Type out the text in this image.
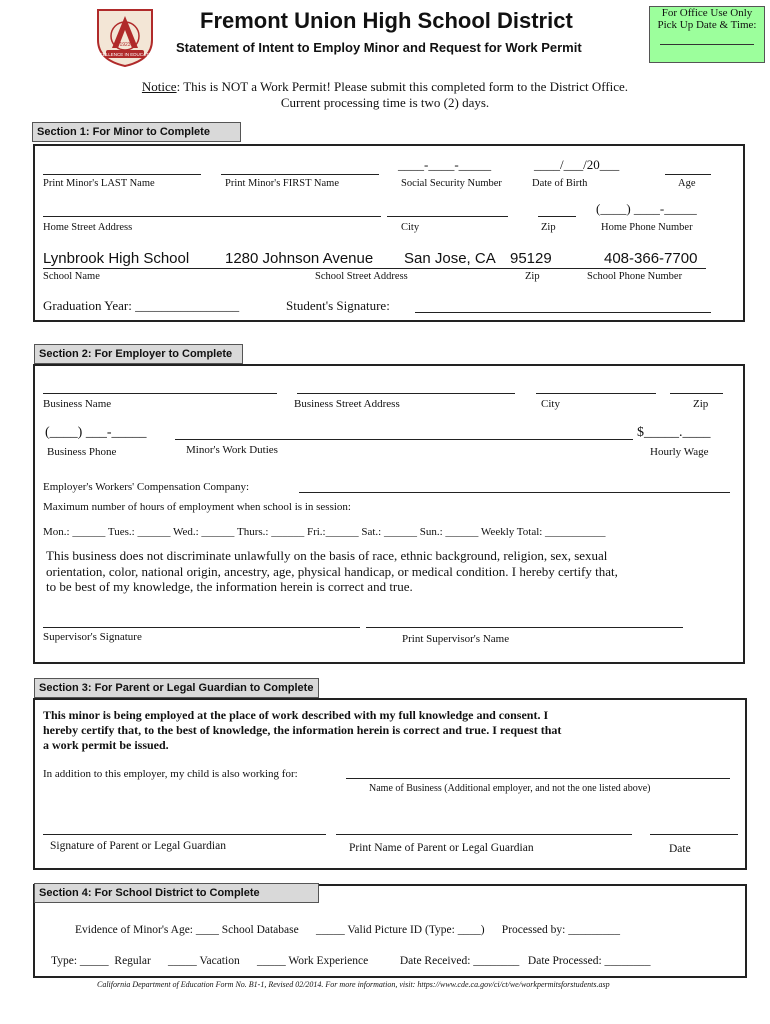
EXCELLENCE IN EDUCATION
1923
Fremont Union High School District
Statement of Intent to Employ Minor and Request for Work Permit
For Office Use Only
Pick Up Date & Time:
Notice: This is NOT a Work Permit! Please submit this completed form to the District Office.
Current processing time is two (2) days.
Section 1: For Minor to Complete
____-____-_____	____/___/20___
Print Minor's LAST Name	Print Minor's FIRST Name	Social Security Number	Date of Birth	Age
(____) ____-_____
Home Street Address	City	Zip	Home Phone Number
Lynbrook High School 1280 Johnson Avenue San Jose, CA 95129	408-366-7700
School Name	School Street Address	Zip	School Phone Number
Graduation Year: ________________	Student's Signature:
Section 2: For Employer to Complete
Business Name	Business Street Address	City	Zip
(____) ___-_____	$_____.____
Business Phone	Minor's Work Duties	Hourly Wage
Employer's Workers' Compensation Company:
Maximum number of hours of employment when school is in session:
Mon.: ______ Tues.: ______ Wed.: ______ Thurs.: ______ Fri.:______ Sat.: ______ Sun.: ______ Weekly Total: ___________
This business does not discriminate unlawfully on the basis of race, ethnic background, religion, sex, sexual
orientation, color, national origin, ancestry, age, physical handicap, or medical condition. I hereby certify that,
to be best of my knowledge, the information herein is correct and true.
Supervisor's Signature	Print Supervisor's Name
Section 3: For Parent or Legal Guardian to Complete
This minor is being employed at the place of work described with my full knowledge and consent. I
hereby certify that, to the best of knowledge, the information herein is correct and true. I request that
a work permit be issued.
In addition to this employer, my child is also working for:
Name of Business (Additional employer, and not the one listed above)
Signature of Parent or Legal Guardian	Print Name of Parent or Legal Guardian	Date
Section 4: For School District to Complete
Evidence of Minor's Age: ____ School Database      _____ Valid Picture ID (Type: ____)      Processed by: _________
Type: _____  Regular      _____ Vacation      _____ Work Experience           Date Received: ________   Date Processed: ________
California Department of Education Form No. B1-1, Revised 02/2014. For more information, visit: https://www.cde.ca.gov/ci/ct/we/workpermitsforstudents.asp
